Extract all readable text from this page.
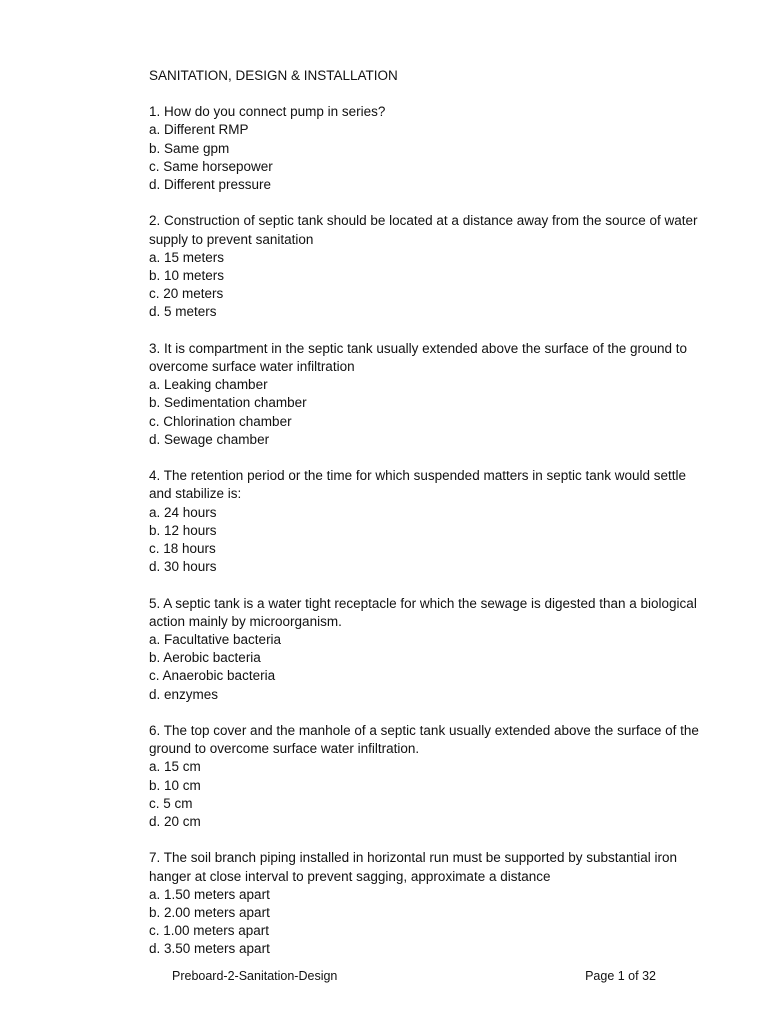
SANITATION, DESIGN & INSTALLATION

1. How do you connect pump in series?

a. Different RMP
b. Same gpm
c. Same horsepower
d. Different pressure

2. Construction of septic tank should be located at a distance away from the source of water supply to prevent sanitation

a. 15 meters
b. 10 meters
c. 20 meters
d. 5 meters

3. It is compartment in the septic tank usually extended above the surface of the ground to overcome surface water infiltration

a. Leaking chamber
b. Sedimentation chamber
c. Chlorination chamber
d. Sewage chamber

4. The retention period or the time for which suspended matters in septic tank would settle and stabilize is:

a. 24 hours
b. 12 hours
c. 18 hours
d. 30 hours

5. A septic tank is a water tight receptacle for which the sewage is digested than a biological action mainly by microorganism.

a. Facultative bacteria
b. Aerobic bacteria
c. Anaerobic bacteria
d. enzymes

6. The top cover and the manhole of a septic tank usually extended above the surface of the ground to overcome surface water infiltration.

a. 15 cm
b. 10 cm
c. 5 cm
d. 20 cm

7. The soil branch piping installed in horizontal run must be supported by substantial iron hanger at close interval to prevent sagging, approximate a distance

a. 1.50 meters apart
b. 2.00 meters apart
c. 1.00 meters apart
d. 3.50 meters apart
Preboard-2-Sanitation-Design	Page 1 of 32
